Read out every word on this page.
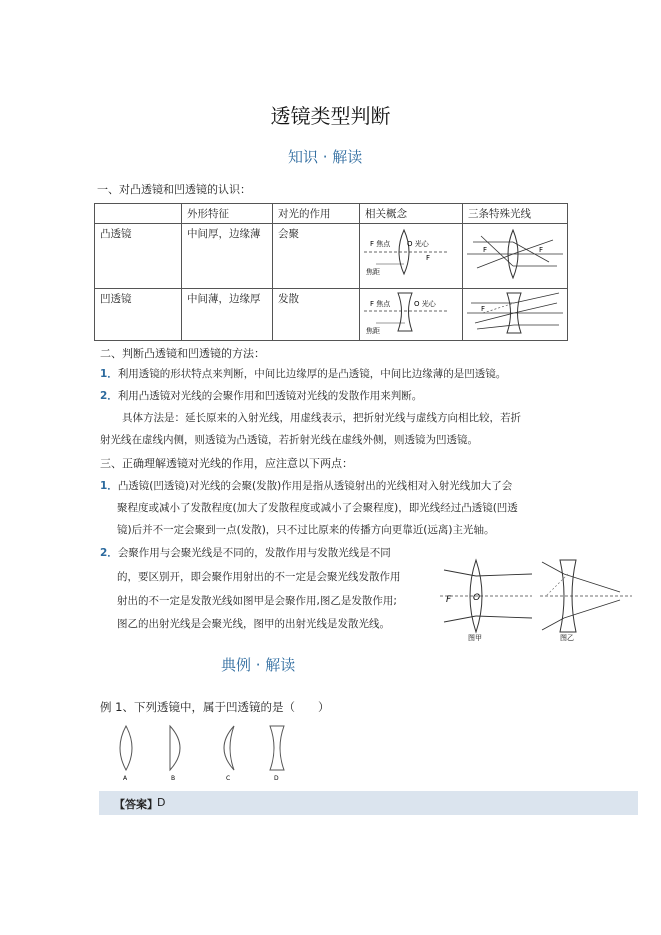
透镜类型判断
知识 · 解读
一、对凸透镜和凹透镜的认识：
	外形特征	对光的作用	相关概念	三条特殊光线
凸透镜	中间厚，边缘薄	会聚	F 焦点 O 光心
F
焦距	F F

凹透镜	中间薄，边缘厚	发散	F 焦点 O 光心
焦距	F
二、判断凸透镜和凹透镜的方法：
1．利用透镜的形状特点来判断，中间比边缘厚的是凸透镜，中间比边缘薄的是凹透镜。
2．利用凸透镜对光线的会聚作用和凹透镜对光线的发散作用来判断。
具体方法是：延长原来的入射光线，用虚线表示，把折射光线与虚线方向相比较，若折
射光线在虚线内侧，则透镜为凸透镜，若折射光线在虚线外侧，则透镜为凹透镜。
三、正确理解透镜对光线的作用，应注意以下两点：
1．凸透镜(凹透镜)对光线的会聚(发散)作用是指从透镜射出的光线相对入射光线加大了会
聚程度或减小了发散程度(加大了发散程度或减小了会聚程度)，即光线经过凸透镜(凹透
镜)后并不一定会聚到一点(发散)，只不过比原来的传播方向更靠近(远离)主光轴。
2．会聚作用与会聚光线是不同的，发散作用与发散光线是不同
的，要区别开，即会聚作用射出的不一定是会聚光线发散作用
射出的不一定是发散光线如图甲是会聚作用,图乙是发散作用;
图乙的出射光线是会聚光线，图甲的出射光线是发散光线。
F O
图甲	图乙
典例 · 解读
例 1、下列透镜中，属于凹透镜的是（　　）
A	B	C	D
【答案】 D
